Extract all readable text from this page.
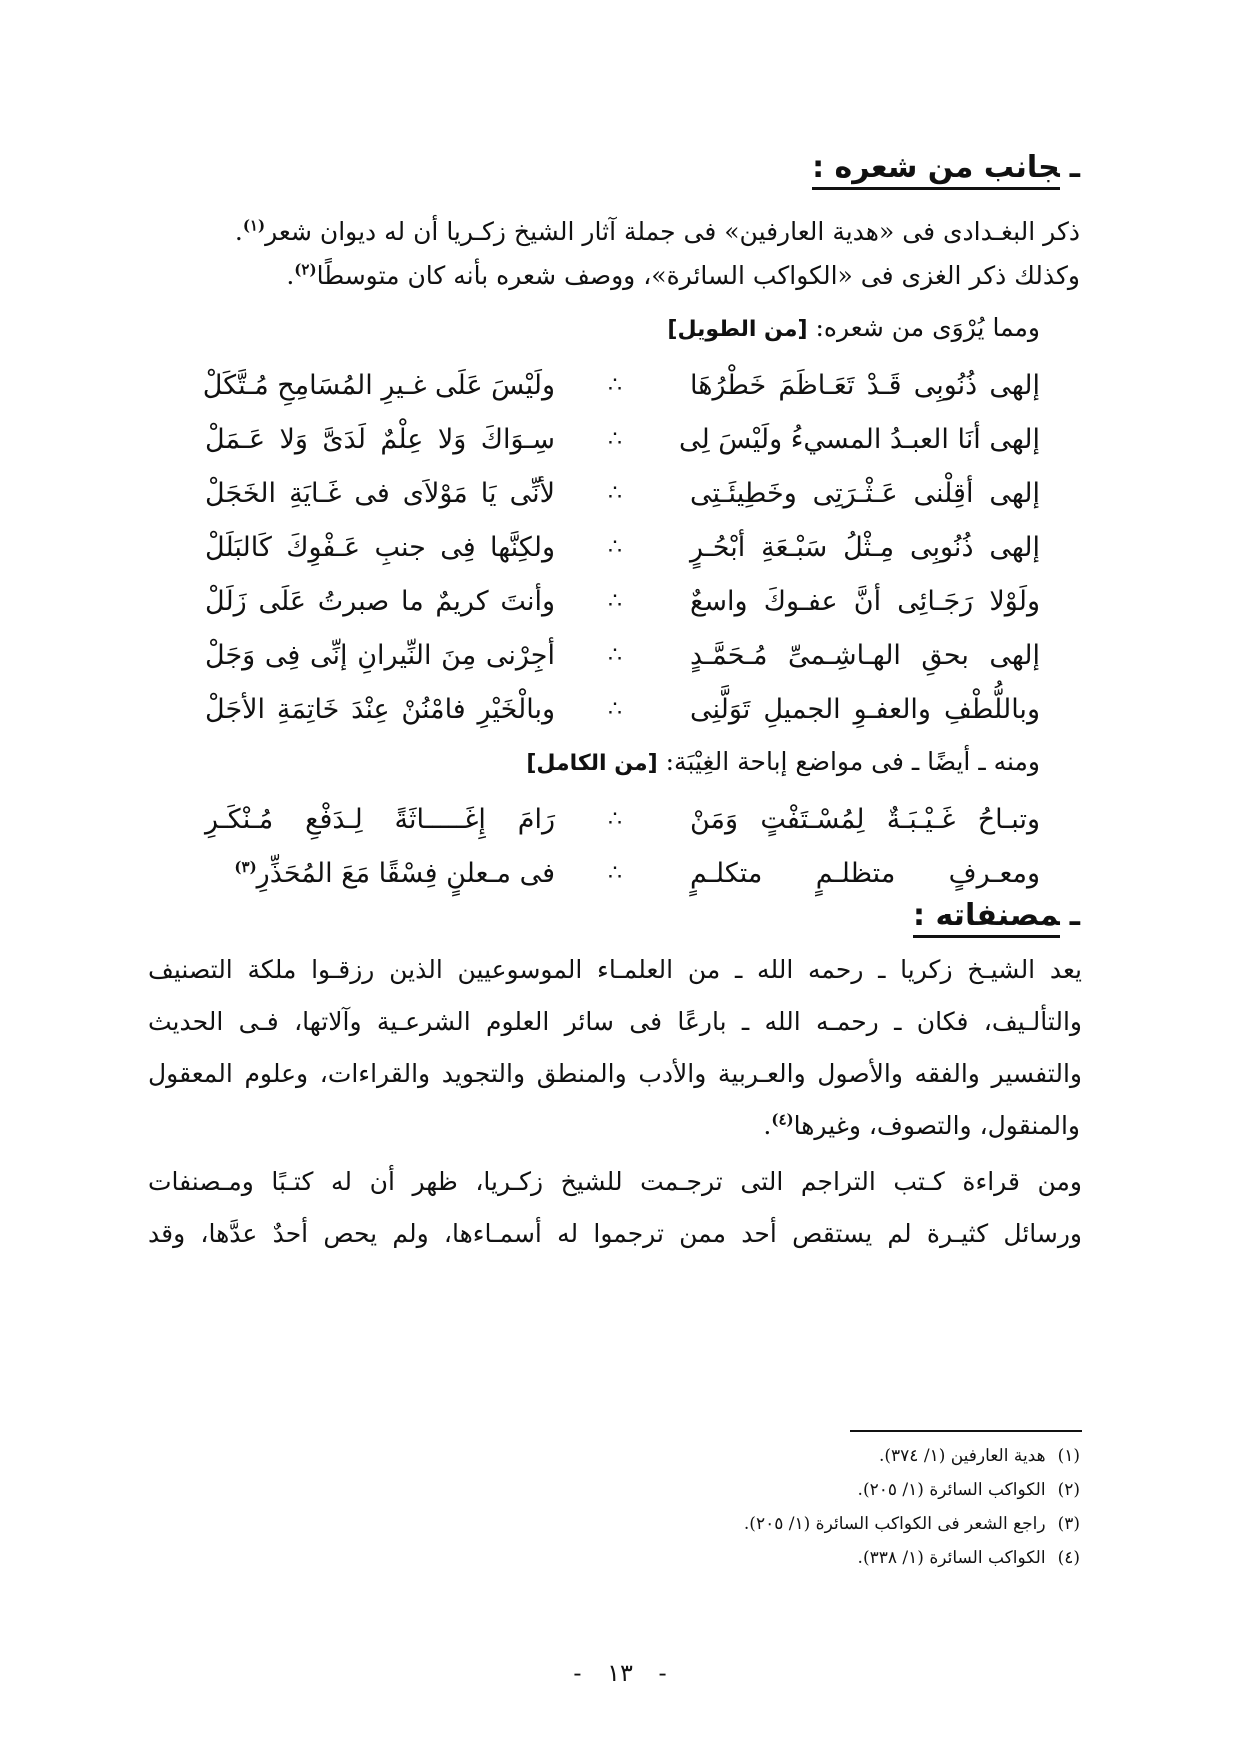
ـجانب من شعره :
ذكر البغـدادى فى «هدية العارفين» فى جملة آثار الشيخ زكـريا أن له ديوان شعر$^{(١)}$.
وكذلك ذكر الغزى فى «الكواكب السائرة»، ووصف شعره بأنه كان متوسطًا$^{(٢)}$.
ومما يُرْوَى من شعره: [من الطويل]
إلهى ذُنُوبِى قَـدْ تَعَـاظَمَ خَطْرُهَا
∴
ولَيْسَ عَلَى غـيرِ المُسَامِحِ مُـتَّكَلْ
إلهى أنَا العبـدُ المسيءُ ولَيْسَ لِى
∴
سِـوَاكَ وَلا عِلْمٌ لَدَىَّ وَلا عَـمَلْ
إلهى أقِلْنى عَـثْـرَتِى وخَطِيئَـتِى
∴
لأنِّى يَا مَوْلاَى فى غَـايَةِ الخَجَلْ
إلهى ذُنُوبِى مِـثْلُ سَبْـعَةِ أبْحُـرٍ
∴
ولكِنَّها فِى جنبِ عَـفْوِكَ كَالبَلَلْ
ولَوْلا رَجَـائِى أنَّ عفـوكَ واسعٌ
∴
وأنتَ كريمٌ ما صبرتُ عَلَى زَلَلْ
إلهى بحقِ الهـاشِـمىِّ مُـحَمَّـدٍ
∴
أجِرْنى مِنَ النِّيرانِ إنِّى فِى وَجَلْ
وباللُّطْفِ والعفـوِ الجميلِ تَوَلَّنِى
∴
وبالْخَيْرِ فامْنُنْ عِنْدَ خَاتِمَةِ الأجَلْ
ومنه ـ أيضًا ـ فى مواضع إباحة الغِيْبَة: [من الكامل]
وتبـاحُ غَـيْـبَـةٌ لِمُسْـتَفْتٍ وَمَنْ
∴
رَامَ إِغَـــــاثَةً لِـدَفْعِ مُـنْكَـرِ
ومعـرفٍ متظلـمٍ متكلـمٍ
∴
فى مـعلنٍ فِسْقًا مَعَ المُحَذِّرِ$^{(٣)}$
ـمصنفاته :
يعد الشيـخ زكريا ـ رحمه الله ـ من العلمـاء الموسوعيين الذين رزقـوا ملكة التصنيف
والتألـيف، فكان ـ رحمـه الله ـ بارعًا فى سائر العلوم الشرعـية وآلاتها، فـى الحديث
والتفسير والفقه والأصول والعـربية والأدب والمنطق والتجويد والقراءات، وعلوم المعقول
والمنقول، والتصوف، وغيرها$^{(٤)}$.
ومن قراءة كـتب التراجم التى ترجـمت للشيخ زكـريا، ظهر أن له كتـبًا ومـصنفات
ورسائل كثيـرة لم يستقص أحد ممن ترجموا له أسمـاءها، ولم يحص أحدٌ عدَّها، وقد
(١)هدية العارفين (١/ ٣٧٤).
(٢)الكواكب السائرة (١/ ٢٠٥).
(٣)راجع الشعر فى الكواكب السائرة (١/ ٢٠٥).
(٤)الكواكب السائرة (١/ ٣٣٨).
- ١٣ -
